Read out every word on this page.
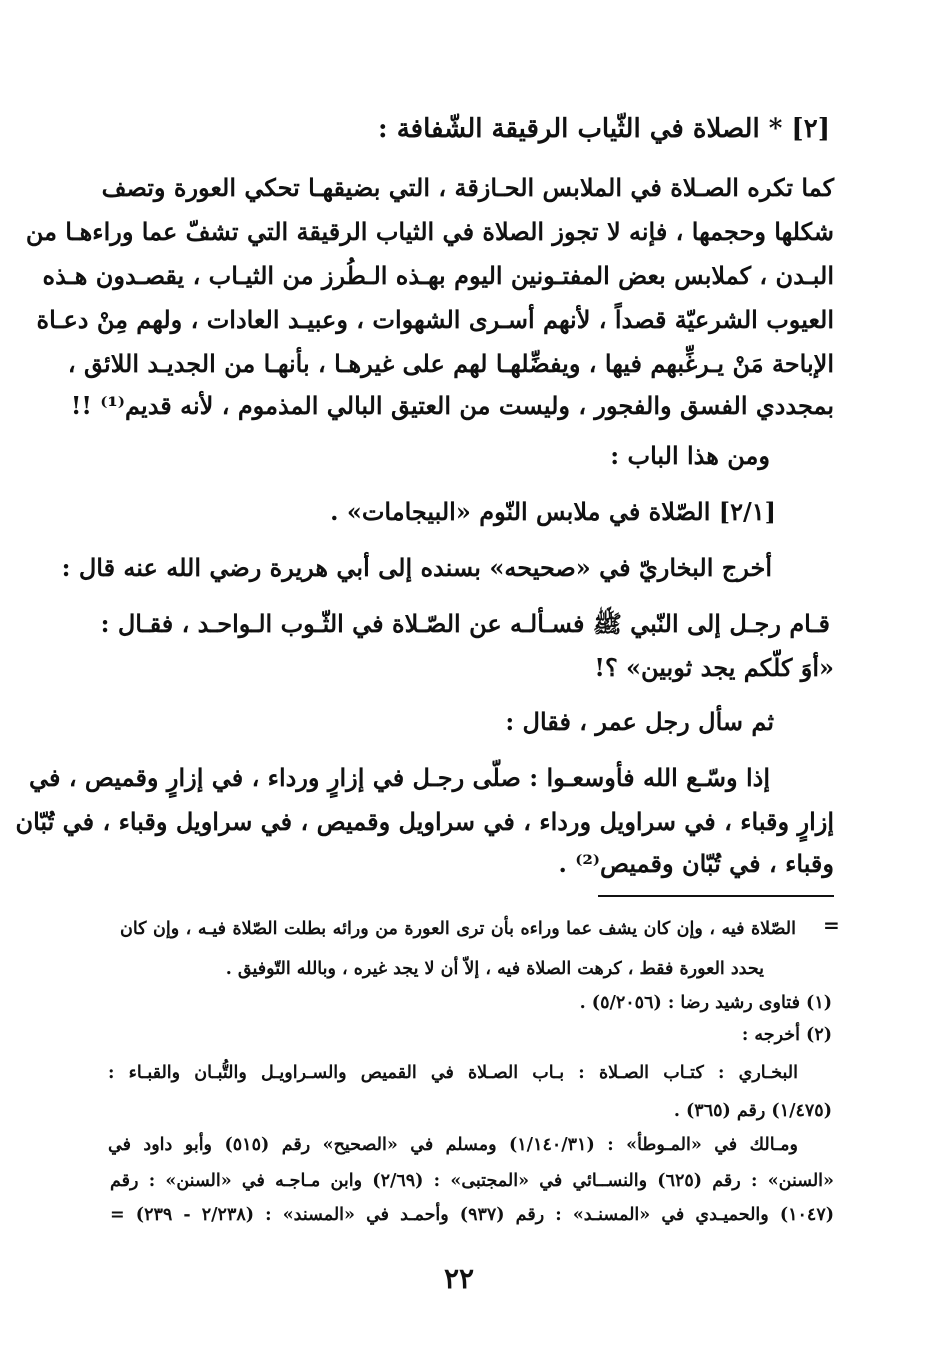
[٢] * الصلاة في الثّياب الرقيقة الشّفافة :
كما تكره الصـلاة في الملابس الحـازقة ، التي بضيقهـا تحكي العورة وتصف
شكلها وحجمها ، فإنه لا تجوز الصلاة في الثياب الرقيقة التي تشفّ عما وراءهـا من
البـدن ، كملابس بعض المفتـونين اليوم بهـذه الـطُرز من الثيـاب ، يقصـدون هـذه
العيوب الشرعيّة قصداً ، لأنهم أسـرى الشهوات ، وعبيـد العادات ، ولهم مِنْ دعـاة
الإباحة مَنْ يـرغِّبهم فيها ، ويفضِّلهـا لهم على غيرهـا ، بأنهـا من الجديـد اللائق ،
بمجددي الفسق والفجور ، وليست من العتيق البالي المذموم ، لأنه قديم⁽¹⁾ !!
ومن هذا الباب :
[٢/١] الصّلاة في ملابس النّوم «البيجامات» .
أخرج البخاريّ في «صحيحه» بسنده إلى أبي هريرة رضي الله عنه قال :
قـام رجـل إلى النّبي ﷺ فسـألـه عن الصّـلاة في الثّـوب الـواحـد ، فقـال :
«أوَ كلّكم يجد ثوبين» ؟!
ثم سأل رجل عمر ، فقال :
إذا وسّـع الله فأوسعـوا : صلّى رجـل في إزارٍ ورداء ، في إزارٍ وقميص ، في
إزارٍ وقباء ، في سراويل ورداء ، في سراويل وقميص ، في سراويل وقباء ، في تُبّان
وقباء ، في تُبّان وقميص⁽²⁾ .
=
الصّلاة فيه ، وإن كان يشف عما وراءه بأن ترى العورة من ورائه بطلت الصّلاة فيـه ، وإن كان
يحدد العورة فقط ، كرهت الصلاة فيه ، إلاّ أن لا يجد غيره ، وبالله التّوفيق .
(١) فتاوى رشيد رضا : (٥/٢٠٥٦) .
(٢) أخرجه :
البخـاري : كتـاب الصـلاة : بـاب الصـلاة في القميص والسـراويـل والتُّبـان والقبـاء :
(١/٤٧٥) رقم (٣٦٥) .
ومـالك في «المـوطأ» : (١/١٤٠/٣١) ومسلم في «الصحيح» رقم (٥١٥) وأبو داود في
«السنن» : رقم (٦٢٥) والنســائي في «المجتبى» : (٢/٦٩) وابن مـاجـه في «السنن» : رقم
(١٠٤٧) والحميـدي في «المسنـد» : رقم (٩٣٧) وأحمـد في «المسند» : (٢/٢٣٨ - ٢٣٩) =
٢٢
